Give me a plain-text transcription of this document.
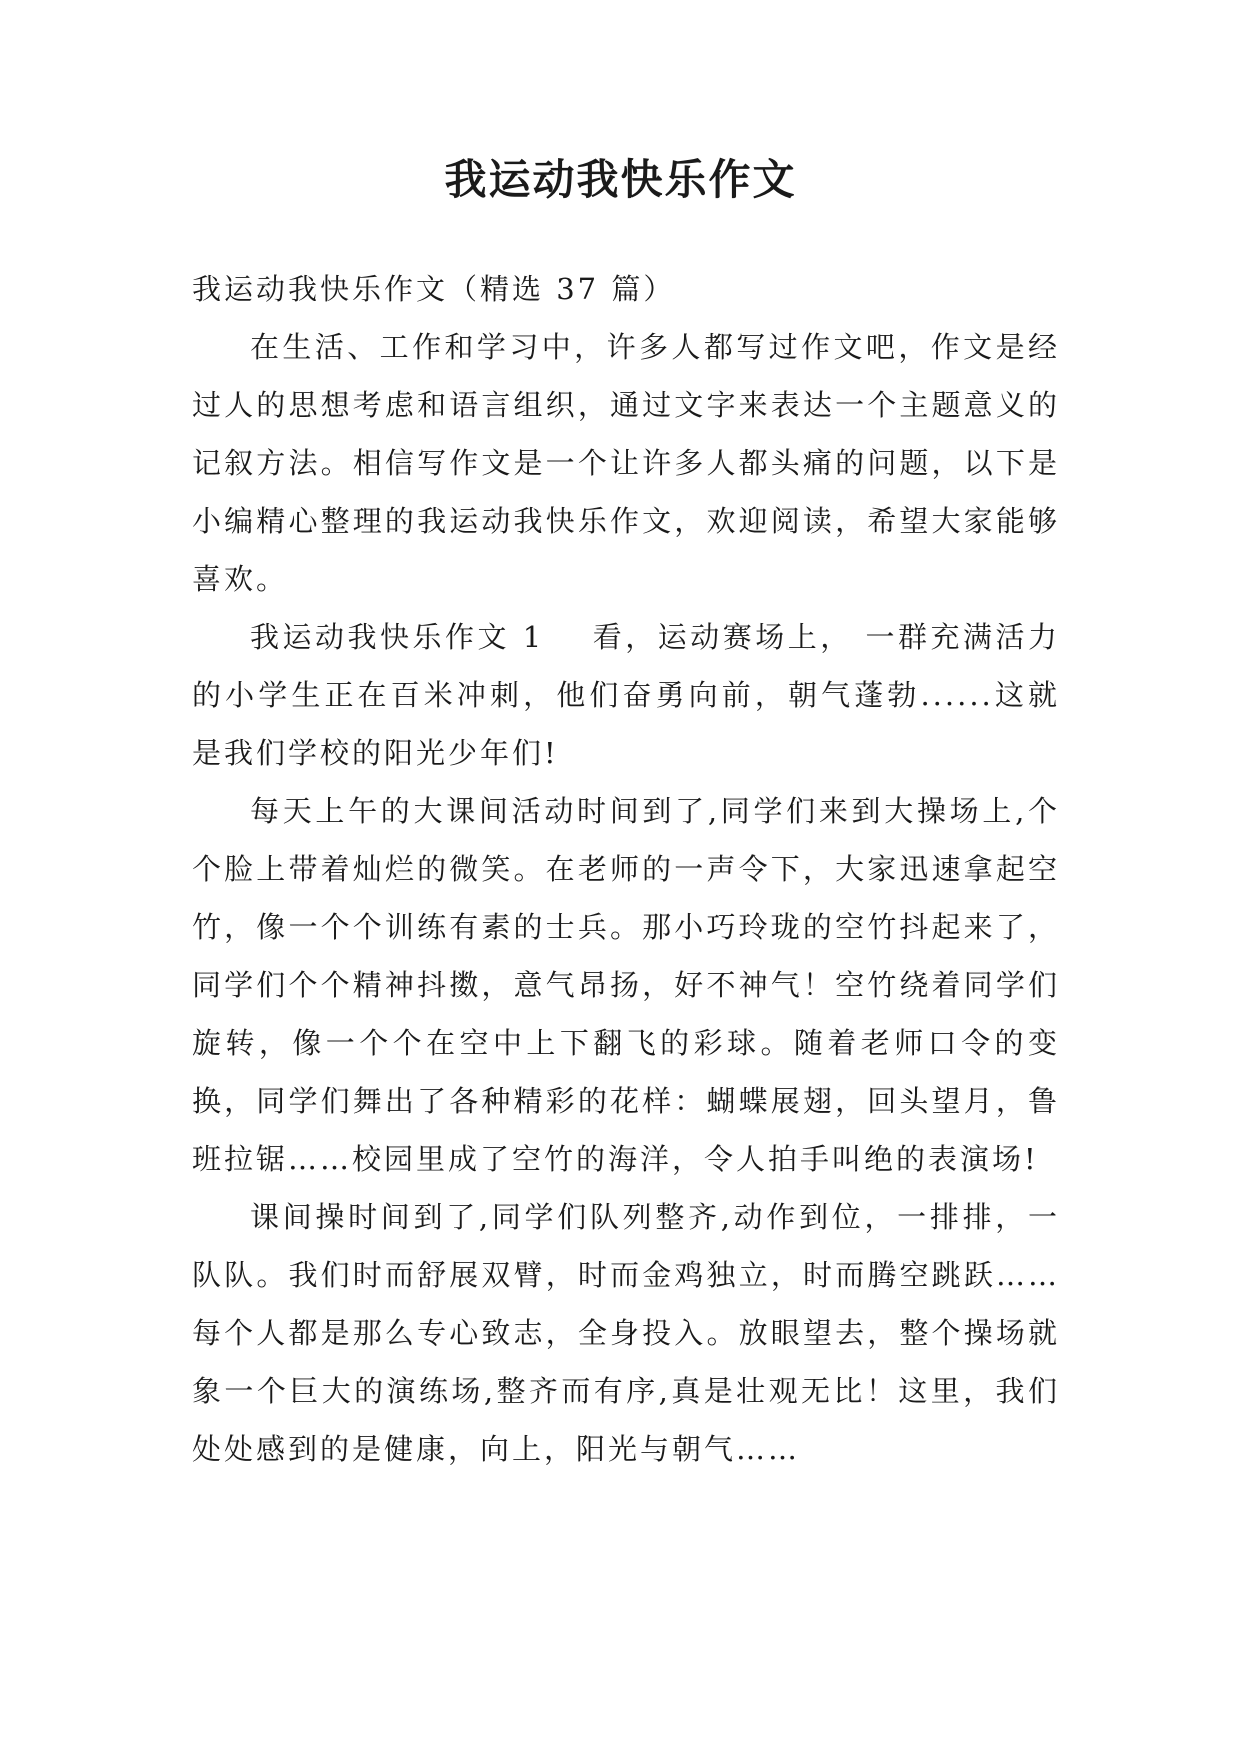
我运动我快乐作文

我运动我快乐作文（精选 37 篇）

在生活、工作和学习中，许多人都写过作文吧，作文是经过人的思想考虑和语言组织，通过文字来表达一个主题意义的记叙方法。相信写作文是一个让许多人都头痛的问题，以下是小编精心整理的我运动我快乐作文，欢迎阅读，希望大家能够喜欢。

我运动我快乐作文 1 看，运动赛场上， 一群充满活力的小学生正在百米冲刺，他们奋勇向前，朝气蓬勃......这就是我们学校的阳光少年们!

每天上午的大课间活动时间到了,同学们来到大操场上,个个脸上带着灿烂的微笑。在老师的一声令下，大家迅速拿起空竹，像一个个训练有素的士兵。那小巧玲珑的空竹抖起来了，同学们个个精神抖擞，意气昂扬，好不神气！空竹绕着同学们旋转，像一个个在空中上下翻飞的彩球。随着老师口令的变换，同学们舞出了各种精彩的花样：蝴蝶展翅，回头望月，鲁班拉锯……校园里成了空竹的海洋，令人拍手叫绝的表演场!

课间操时间到了,同学们队列整齐,动作到位，一排排，一队队。我们时而舒展双臂，时而金鸡独立，时而腾空跳跃……每个人都是那么专心致志，全身投入。放眼望去，整个操场就象一个巨大的演练场,整齐而有序,真是壮观无比！这里，我们处处感到的是健康，向上，阳光与朝气……
